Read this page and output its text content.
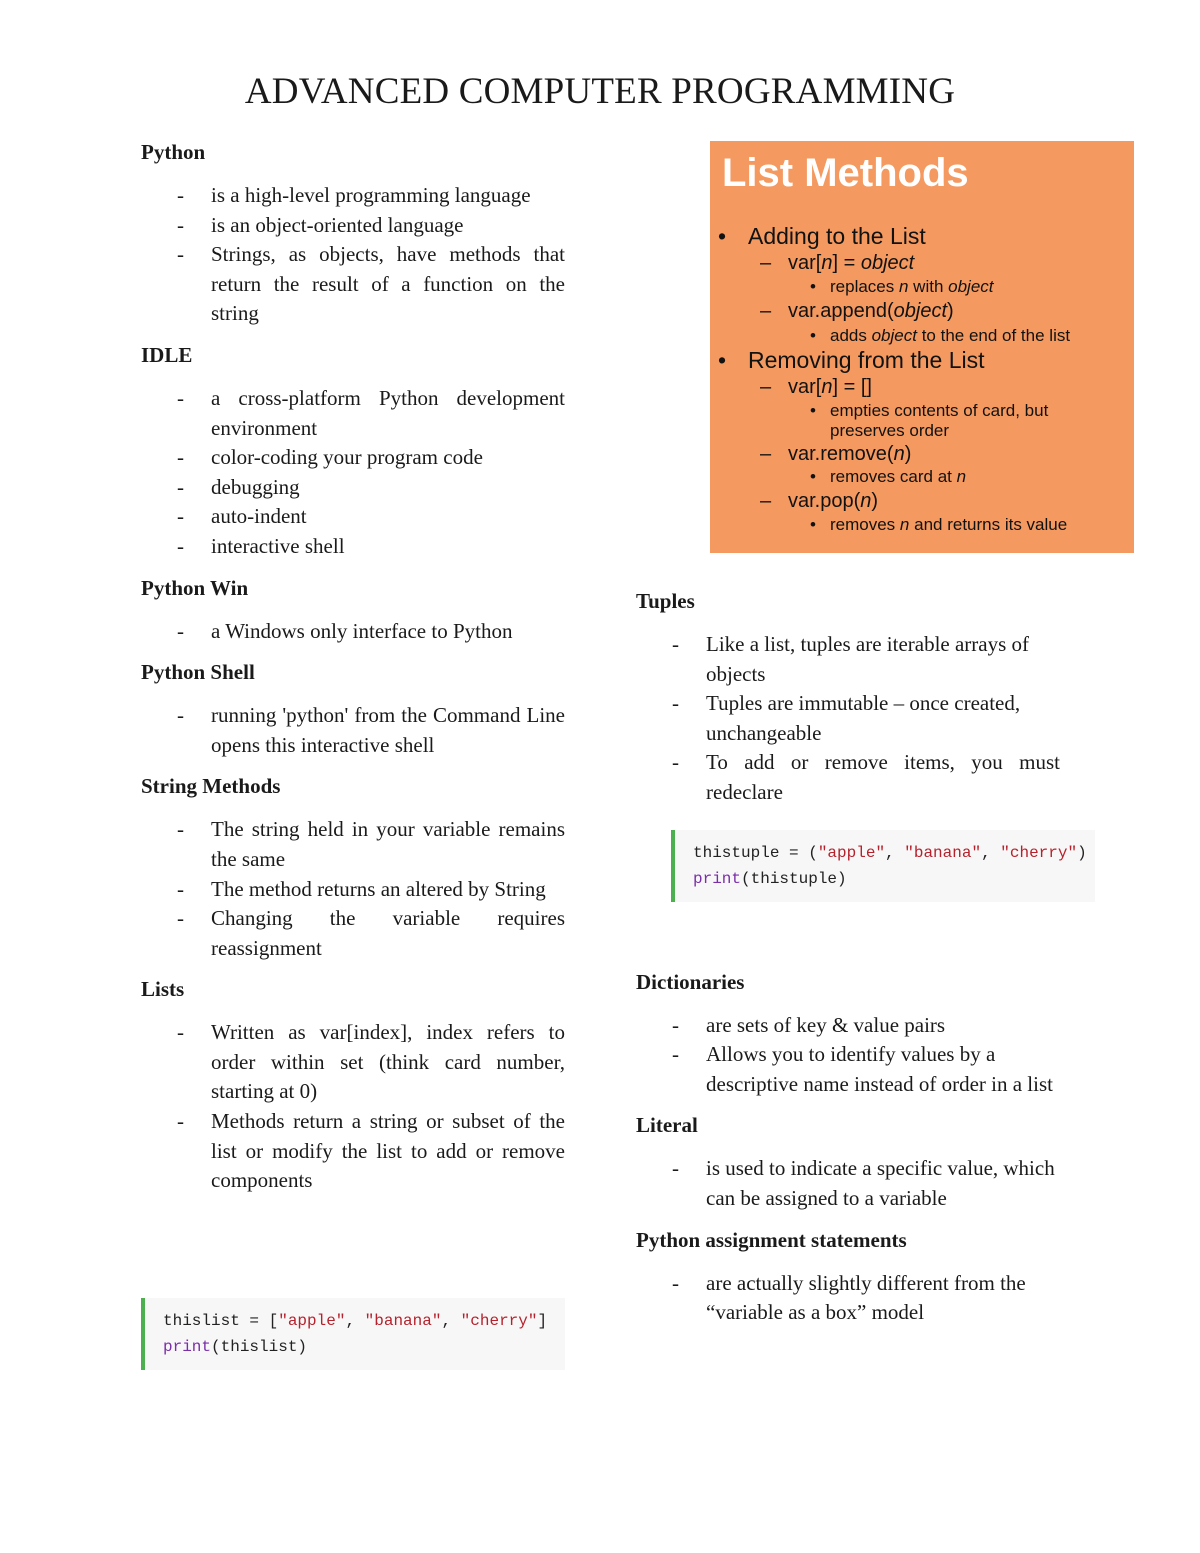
ADVANCED COMPUTER PROGRAMMING
Python
- is a high-level programming language
- is an object-oriented language
- Strings, as objects, have methods that return the result of a function on the string
IDLE
- a cross-platform Python development environment
- color-coding your program code
- debugging
- auto-indent
- interactive shell
Python Win
- a Windows only interface to Python
Python Shell
- running 'python' from the Command Line opens this interactive shell
String Methods
- The string held in your variable remains the same
- The method returns an altered by String
- Changing the variable requires reassignment
Lists
- Written as var[index], index refers to order within set (think card number, starting at 0)
- Methods return a string or subset of the list or modify the list to add or remove components
thislist = ["apple", "banana", "cherry"]
print(thislist)
List Methods
• Adding to the List
– var[n] = object
• replaces n with object
– var.append(object)
• adds object to the end of the list
• Removing from the List
– var[n] = []
• empties contents of card, but preserves order
– var.remove(n)
• removes card at n
– var.pop(n)
• removes n and returns its value
Tuples
- Like a list, tuples are iterable arrays of objects
- Tuples are immutable – once created, unchangeable
- To add or remove items, you must redeclare
Dictionaries
- are sets of key & value pairs
- Allows you to identify values by a descriptive name instead of order in a list
Literal
- is used to indicate a specific value, which can be assigned to a variable
Python assignment statements
- are actually slightly different from the “variable as a box” model
thistuple = ("apple", "banana", "cherry")
print(thistuple)
